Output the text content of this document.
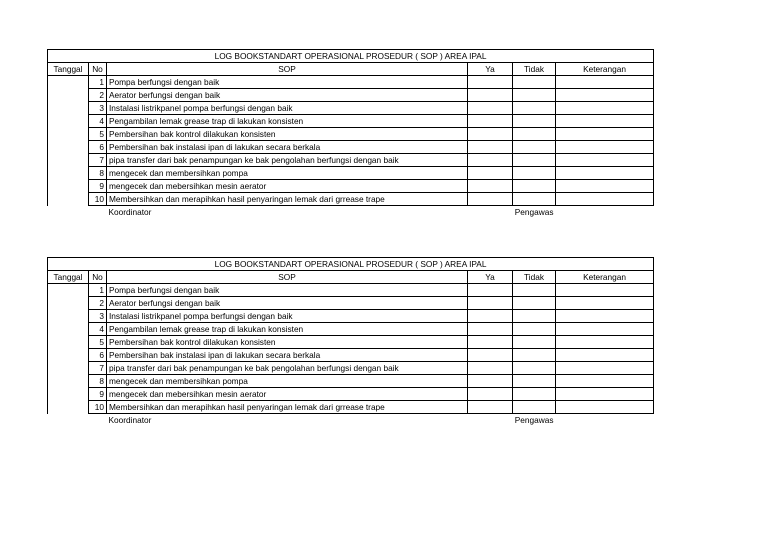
LOG BOOKSTANDART OPERASIONAL PROSEDUR ( SOP ) AREA IPAL					
Tanggal	No	SOP	Ya	Tidak	Keterangan
	1	Pompa berfungsi dengan baik			
	2	Aerator berfungsi dengan baik			
	3	Instalasi listrikpanel pompa berfungsi dengan baik			
	4	Pengambilan lemak grease trap di lakukan konsisten			
	5	Pembersihan bak kontrol dilakukan konsisten			
	6	Pembersihan bak instalasi ipan di lakukan secara berkala			
	7	pipa transfer dari bak penampungan ke bak pengolahan berfungsi dengan baik			
	8	mengecek dan membersihkan pompa			
	9	mengecek dan mebersihkan mesin aerator			
	10	Membersihkan dan merapihkan hasil penyaringan lemak dari grrease trape			
		Koordinator	Pengawas		
LOG BOOKSTANDART OPERASIONAL PROSEDUR ( SOP ) AREA IPAL					
Tanggal	No	SOP	Ya	Tidak	Keterangan
	1	Pompa berfungsi dengan baik			
	2	Aerator berfungsi dengan baik			
	3	Instalasi listrikpanel pompa berfungsi dengan baik			
	4	Pengambilan lemak grease trap di lakukan konsisten			
	5	Pembersihan bak kontrol dilakukan konsisten			
	6	Pembersihan bak instalasi ipan di lakukan secara berkala			
	7	pipa transfer dari bak penampungan ke bak pengolahan berfungsi dengan baik			
	8	mengecek dan membersihkan pompa			
	9	mengecek dan mebersihkan mesin aerator			
	10	Membersihkan dan merapihkan hasil penyaringan lemak dari grrease trape			
		Koordinator	Pengawas		
